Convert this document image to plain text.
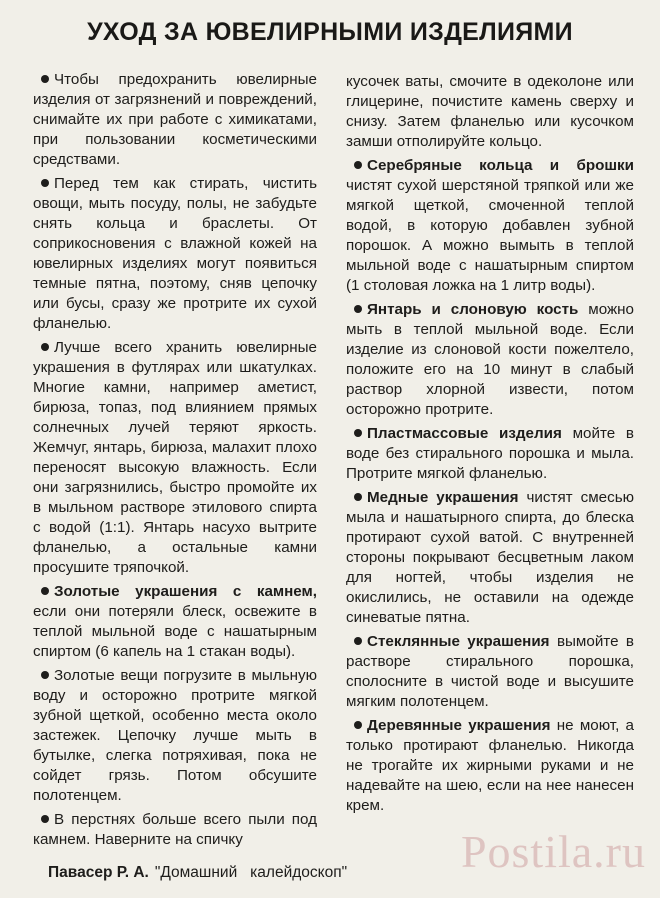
УХОД ЗА ЮВЕЛИРНЫМИ ИЗДЕЛИЯМИ

Чтобы предохранить ювелирные изделия от загрязнений и повреждений, снимайте их при работе с химикатами, при пользовании косметическими средствами.

Перед тем как стирать, чистить овощи, мыть посуду, полы, не забудьте снять кольца и браслеты. От соприкосновения с влажной кожей на ювелирных изделиях могут появиться темные пятна, поэтому, сняв цепочку или бусы, сразу же протрите их сухой фланелью.

Лучше всего хранить ювелирные украшения в футлярах или шкатулках. Многие камни, например аметист, бирюза, топаз, под влиянием прямых солнечных лучей теряют яркость. Жемчуг, янтарь, бирюза, малахит плохо переносят высокую влажность. Если они загрязнились, быстро промойте их в мыльном растворе этилового спирта с водой (1:1). Янтарь насухо вытрите фланелью, а остальные камни просушите тряпочкой.

Золотые украшения с камнем, если они потеряли блеск, освежите в теплой мыльной воде с нашатырным спиртом (6 капель на 1 стакан воды).

Золотые вещи погрузите в мыльную воду и осторожно протрите мягкой зубной щеткой, особенно места около застежек. Цепочку лучше мыть в бутылке, слегка потряхивая, пока не сойдет грязь. Потом обсушите полотенцем.

В перстнях больше всего пыли под камнем. Наверните на спичку

кусочек ваты, смочите в одеколоне или глицерине, почистите камень сверху и снизу. Затем фланелью или кусочком замши отполируйте кольцо.

Серебряные кольца и брошки чистят сухой шерстяной тряпкой или же мягкой щеткой, смоченной теплой водой, в которую добавлен зубной порошок. А можно вымыть в теплой мыльной воде с нашатырным спиртом (1 столовая ложка на 1 литр воды).

Янтарь и слоновую кость можно мыть в теплой мыльной воде. Если изделие из слоновой кости пожелтело, положите его на 10 минут в слабый раствор хлорной извести, потом осторожно протрите.

Пластмассовые изделия мойте в воде без стирального порошка и мыла. Протрите мягкой фланелью.

Медные украшения чистят смесью мыла и нашатырного спирта, до блеска протирают сухой ватой. С внутренней стороны покрывают бесцветным лаком для ногтей, чтобы изделия не окислились, не оставили на одежде синеватые пятна.

Стеклянные украшения вымойте в растворе стирального порошка, сполосните в чистой воде и высушите мягким полотенцем.

Деревянные украшения не моют, а только протирают фланелью. Никогда не трогайте их жирными руками и не надевайте на шею, если на нее нанесен крем.

Павасер Р. А. "Домашний   калейдоскоп" Postila.ru
